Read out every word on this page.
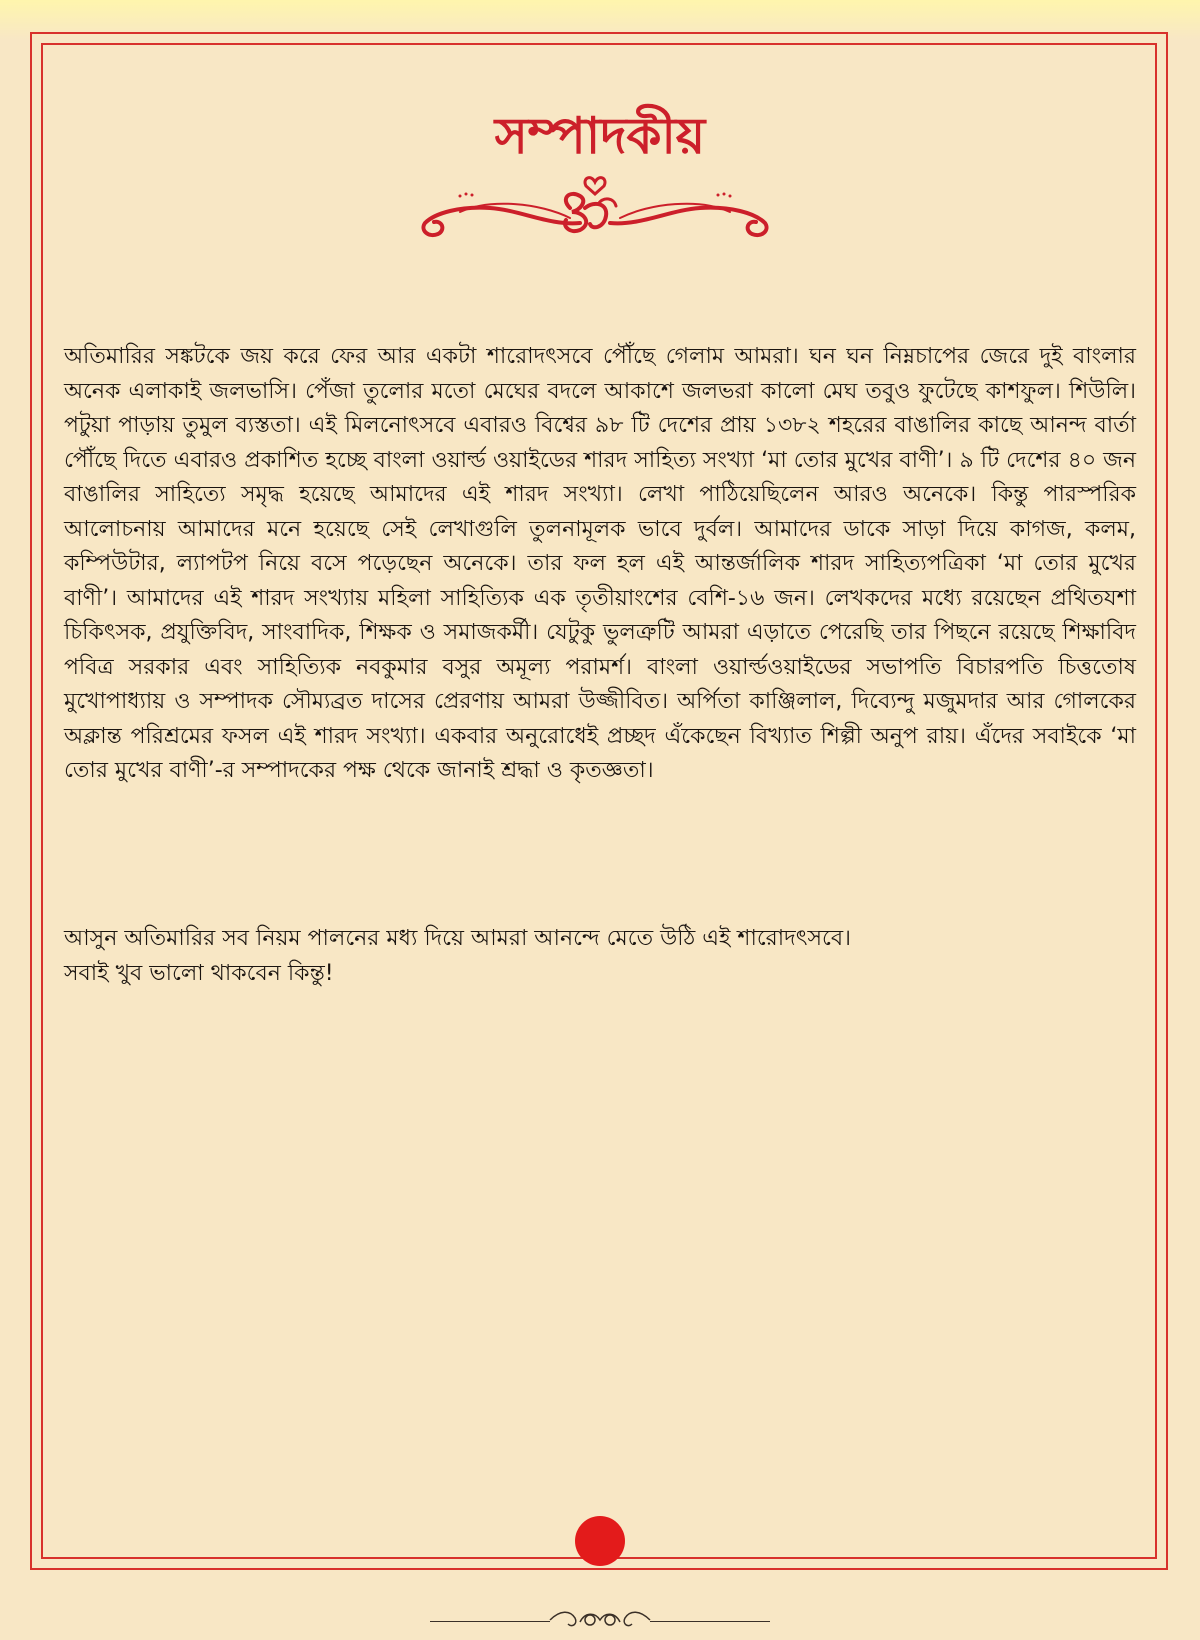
সম্পাদকীয়

অতিমারির সঙ্কটকে জয় করে ফের আর একটা শারোদৎসবে পৌঁছে গেলাম আমরা। ঘন ঘন নিম্নচাপের জেরে দুই বাংলার অনেক এলাকাই জলভাসি। পেঁজা তুলোর মতো মেঘের বদলে আকাশে জলভরা কালো মেঘ তবুও ফুটেছে কাশফুল। শিউলি। পটুয়া পাড়ায় তুমুল ব্যস্ততা। এই মিলনোৎসবে এবারও বিশ্বের ৯৮ টি দেশের প্রায় ১৩৮২ শহরের বাঙালির কাছে আনন্দ বার্তা পৌঁছে দিতে এবারও প্রকাশিত হচ্ছে বাংলা ওয়ার্ল্ড ওয়াইডের শারদ সাহিত্য সংখ্যা ‘মা তোর মুখের বাণী’। ৯ টি দেশের ৪০ জন বাঙালির সাহিত্যে সমৃদ্ধ হয়েছে আমাদের এই শারদ সংখ্যা। লেখা পাঠিয়েছিলেন আরও অনেকে। কিন্তু পারস্পরিক আলোচনায় আমাদের মনে হয়েছে সেই লেখাগুলি তুলনামূলক ভাবে দুর্বল। আমাদের ডাকে সাড়া দিয়ে কাগজ, কলম, কম্পিউটার, ল্যাপটপ নিয়ে বসে পড়েছেন অনেকে। তার ফল হল এই আন্তর্জালিক শারদ সাহিত্যপত্রিকা ‘মা তোর মুখের বাণী’। আমাদের এই শারদ সংখ্যায় মহিলা সাহিত্যিক এক তৃতীয়াংশের বেশি-১৬ জন। লেখকদের মধ্যে রয়েছেন প্রথিতযশা চিকিৎসক, প্রযুক্তিবিদ, সাংবাদিক, শিক্ষক ও সমাজকর্মী। যেটুকু ভুলত্রুটি আমরা এড়াতে পেরেছি তার পিছনে রয়েছে শিক্ষাবিদ পবিত্র সরকার এবং সাহিত্যিক নবকুমার বসুর অমূল্য পরামর্শ। বাংলা ওয়ার্ল্ডওয়াইডের সভাপতি বিচারপতি চিত্ততোষ মুখোপাধ্যায় ও সম্পাদক সৌম্যব্রত দাসের প্রেরণায় আমরা উজ্জীবিত। অর্পিতা কাঞ্জিলাল, দিব্যেন্দু মজুমদার আর গোলকের অক্লান্ত পরিশ্রমের ফসল এই শারদ সংখ্যা। একবার অনুরোধেই প্রচ্ছদ এঁকেছেন বিখ্যাত শিল্পী অনুপ রায়। এঁদের সবাইকে ‘মা তোর মুখের বাণী’-র সম্পাদকের পক্ষ থেকে জানাই শ্রদ্ধা ও কৃতজ্ঞতা।

আসুন অতিমারির সব নিয়ম পালনের মধ্য দিয়ে আমরা আনন্দে মেতে উঠি এই শারোদৎসবে।

সবাই খুব ভালো থাকবেন কিন্তু!
